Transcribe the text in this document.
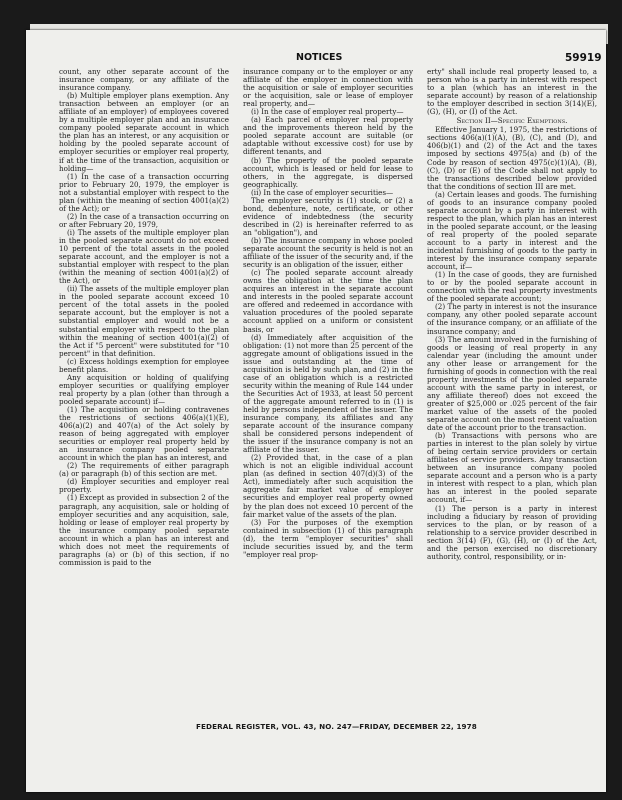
NOTICES	59919

count, any other separate account of the insurance company, or any affiliate of the insurance company.

(b) Multiple employer plans exemption. Any transaction between an employer (or an affiliate of an employer) of employees covered by a multiple employer plan and an insurance company pooled separate account in which the plan has an interest, or any acquisition or holding by the pooled separate account of employer securities or employer real property, if at the time of the transaction, acquisition or holding—

(1) In the case of a transaction occurring prior to February 20, 1979, the employer is not a substantial employer with respect to the plan (within the meaning of section 4001(a)(2) of the Act); or

(2) In the case of a transaction occurring on or after February 20, 1979,

(i) The assets of the multiple employer plan in the pooled separate account do not exceed 10 percent of the total assets in the pooled separate account, and the employer is not a substantial employer with respect to the plan (within the meaning of section 4001(a)(2) of the Act), or

(ii) The assets of the multiple employer plan in the pooled separate account exceed 10 percent of the total assets in the pooled separate account, but the employer is not a substantial employer and would not be a substantial employer with respect to the plan within the meaning of section 4001(a)(2) of the Act if "5 percent" were substituted for "10 percent" in that definition.

(c) Excess holdings exemption for employee benefit plans.

Any acquisition or holding of qualifying employer securities or qualifying employer real property by a plan (other than through a pooled separate account) if—

(1) The acquisition or holding contravenes the restrictions of sections 406(a)(1)(E), 406(a)(2) and 407(a) of the Act solely by reason of being aggregated with employer securities or employer real property held by an insurance company pooled separate account in which the plan has an interest, and

(2) The requirements of either paragraph (a) or paragraph (b) of this section are met.

(d) Employer securities and employer real property.

(1) Except as provided in subsection 2 of the paragraph, any acquisition, sale or holding of employer securities and any acquisition, sale, holding or lease of employer real property by the insurance company pooled separate account in which a plan has an interest and which does not meet the requirements of paragraphs (a) or (b) of this section, if no commission is paid to the

insurance company or to the employer or any affiliate of the employer in connection with the acquisition or sale of employer securities or the acquisition, sale or lease of employer real property, and—

(i) In the case of employer real property—

(a) Each parcel of employer real property and the improvements thereon held by the pooled separate account are suitable (or adaptable without excessive cost) for use by different tenants, and

(b) The property of the pooled separate account, which is leased or held for lease to others, in the aggregate, is dispersed geographically.

(ii) In the case of employer securities—

The employer security is (1) stock, or (2) a bond, debenture, note, certificate, or other evidence of indebtedness (the security described in (2) is hereinafter referred to as an "obligation"), and

(b) The insurance company in whose pooled separate account the security is held is not an affiliate of the issuer of the security and, if the security is an obligation of the issuer, either

(c) The pooled separate account already owns the obligation at the time the plan acquires an interest in the separate account and interests in the pooled separate account are offered and redeemed in accordance with valuation procedures of the pooled separate account applied on a uniform or consistent basis, or

(d) Immediately after acquisition of the obligation: (1) not more than 25 percent of the aggregate amount of obligations issued in the issue and outstanding at the time of acquisition is held by such plan, and (2) in the case of an obligation which is a restricted security within the meaning of Rule 144 under the Securities Act of 1933, at least 50 percent of the aggregate amount referred to in (1) is held by persons independent of the issuer. The insurance company, its affiliates and any separate account of the insurance company shall be considered persons independent of the issuer if the insurance company is not an affiliate of the issuer.

(2) Provided that, in the case of a plan which is not an eligible individual account plan (as defined in section 407(d)(3) of the Act), immediately after such acquisition the aggregate fair market value of employer securities and employer real property owned by the plan does not exceed 10 percent of the fair market value of the assets of the plan.

(3) For the purposes of the exemption contained in subsection (1) of this paragraph (d), the term "employer securities" shall include securities issued by, and the term "employer real prop-

erty" shall include real property leased to, a person who is a party in interest with respect to a plan (which has an interest in the separate account) by reason of a relationship to the employer described in section 3(14)(E), (G), (H), or (I) of the Act.

Section II—Specific Exemptions.

Effective January 1, 1975, the restrictions of sections 406(a)(1)(A), (B), (C), and (D), and 406(b)(1) and (2) of the Act and the taxes imposed by sections 4975(a) and (b) of the Code by reason of section 4975(c)(1)(A), (B), (C), (D) or (E) of the Code shall not apply to the transactions described below provided that the conditions of section III are met.

(a) Certain leases and goods. The furnishing of goods to an insurance company pooled separate account by a party in interest with respect to the plan, which plan has an interest in the pooled separate account, or the leasing of real property of the pooled separate account to a party in interest and the incidental furnishing of goods to the party in interest by the insurance company separate account, if—

(1) In the case of goods, they are furnished to or by the pooled separate account in connection with the real property investments of the pooled separate account;

(2) The party in interest is not the insurance company, any other pooled separate account of the insurance company, or an affiliate of the insurance company; and

(3) The amount involved in the furnishing of goods or leasing of real property in any calendar year (including the amount under any other lease or arrangement for the furnishing of goods in connection with the real property investments of the pooled separate account with the same party in interest, or any affiliate thereof) does not exceed the greater of $25,000 or .025 percent of the fair market value of the assets of the pooled separate account on the most recent valuation date of the account prior to the transaction.

(b) Transactions with persons who are parties in interest to the plan solely by virtue of being certain service providers or certain affiliates of service providers. Any transaction between an insurance company pooled separate account and a person who is a party in interest with respect to a plan, which plan has an interest in the pooled separate account, if—

(1) The person is a party in interest including a fiduciary by reason of providing services to the plan, or by reason of a relationship to a service provider described in section 3(14) (F), (G), (H), or (I) of the Act, and the person exercised no discretionary authority, control, responsibility, or in-

FEDERAL REGISTER, VOL. 43, NO. 247—FRIDAY, DECEMBER 22, 1978
